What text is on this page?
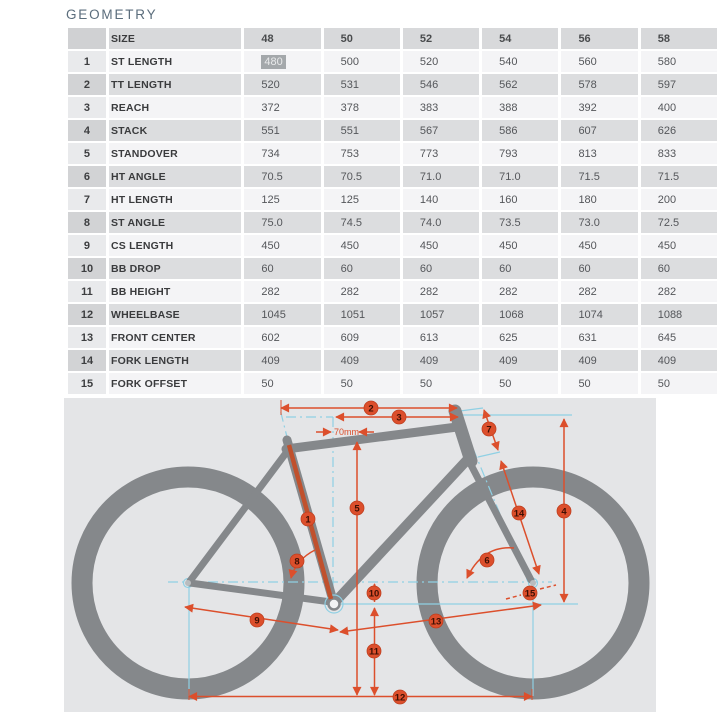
GEOMETRY
	SIZE	48	50	52	54	56	58
1	ST LENGTH	480	500	520	540	560	580
2	TT LENGTH	520	531	546	562	578	597
3	REACH	372	378	383	388	392	400
4	STACK	551	551	567	586	607	626
5	STANDOVER	734	753	773	793	813	833
6	HT ANGLE	70.5	70.5	71.0	71.0	71.5	71.5
7	HT LENGTH	125	125	140	160	180	200
8	ST ANGLE	75.0	74.5	74.0	73.5	73.0	72.5
9	CS LENGTH	450	450	450	450	450	450
10	BB DROP	60	60	60	60	60	60
11	BB HEIGHT	282	282	282	282	282	282
12	WHEELBASE	1045	1051	1057	1068	1074	1088
13	FRONT CENTER	602	609	613	625	631	645
14	FORK LENGTH	409	409	409	409	409	409
15	FORK OFFSET	50	50	50	50	50	50
70mm
1
2
3
4
5
6
7
8
9
10
11
12
13
14
15
